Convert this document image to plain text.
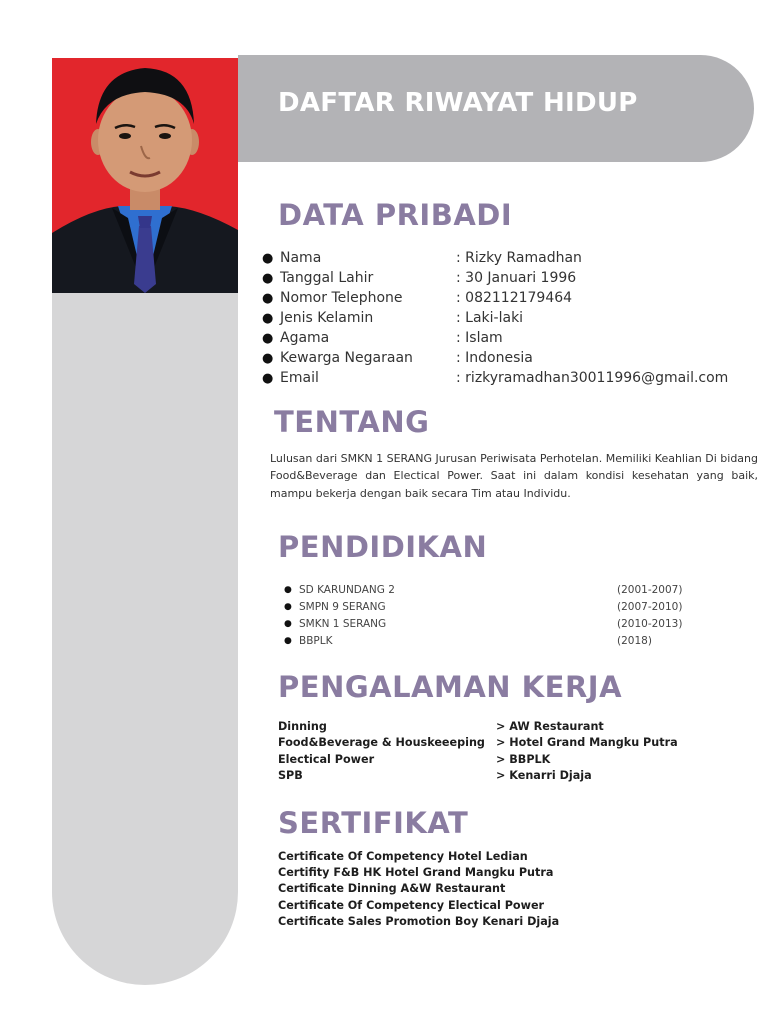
DAFTAR RIWAYAT HIDUP
DATA PRIBADI
● Nama	: Rizky Ramadhan
● Tanggal Lahir	: 30 Januari 1996
● Nomor Telephone	: 082112179464
● Jenis Kelamin	: Laki-laki
● Agama	: Islam
● Kewarga Negaraan	: Indonesia
● Email	: rizkyramadhan30011996@gmail.com
TENTANG

Lulusan dari SMKN 1 SERANG Jurusan Periwisata Perhotelan. Memiliki Keahlian Di bidang Food&Beverage dan Electical Power. Saat ini dalam kondisi kesehatan yang baik, mampu bekerja dengan baik secara Tim atau Individu.

PENDIDIKAN
● SD KARUNDANG 2	(2001-2007)
● SMPN 9 SERANG	(2007-2010)
● SMKN 1 SERANG	(2010-2013)
● BBPLK	(2018)
PENGALAMAN KERJA
Dinning	> AW Restaurant
Food&Beverage & Houskeeeping > Hotel Grand Mangku Putra
Electical Power	> BBPLK
SPB	> Kenarri Djaja
SERTIFIKAT
Certificate Of Competency Hotel Ledian
Certifity F&B HK Hotel Grand Mangku Putra
Certificate Dinning A&W Restaurant
Certificate Of Competency Electical Power
Certificate Sales Promotion Boy Kenari Djaja
